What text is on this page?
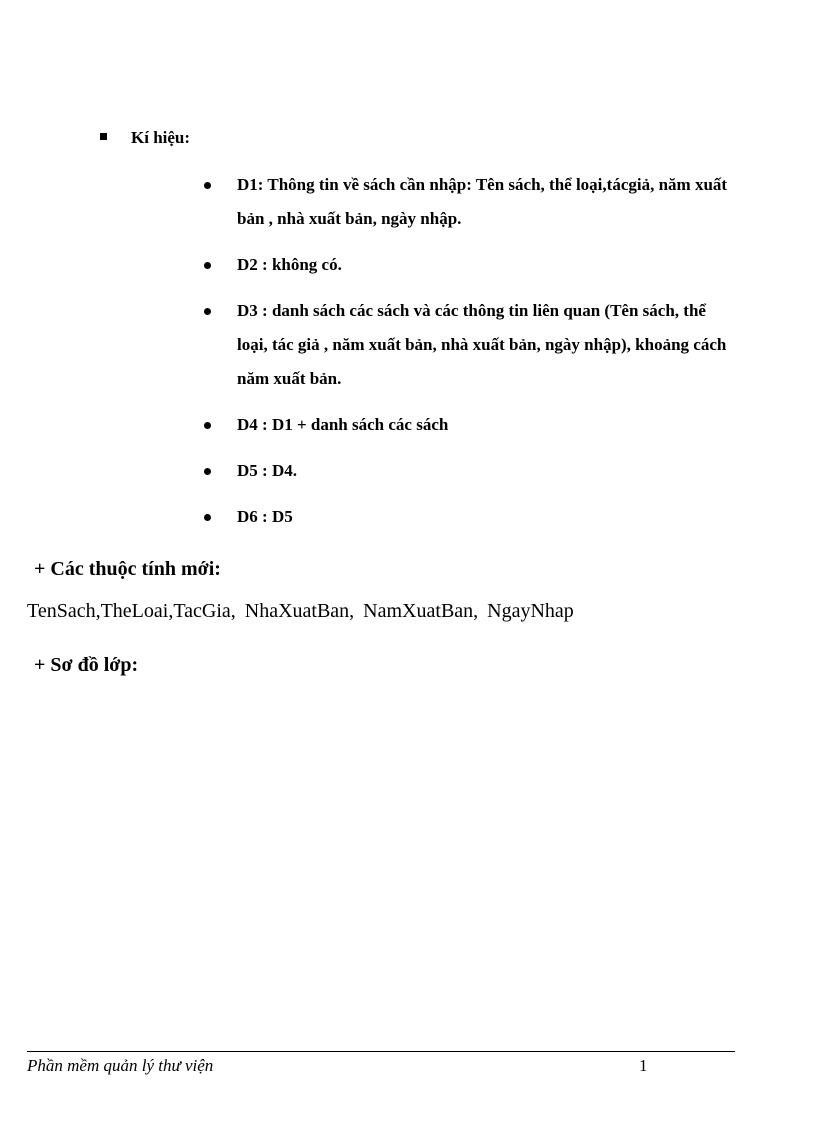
Kí hiệu:
D1: Thông tin về sách cần nhập: Tên sách, thể loại,tácgiả, năm xuất bản , nhà xuất bản, ngày nhập.
D2 : không có.
D3 : danh sách các sách và các thông tin liên quan (Tên sách, thể loại, tác giả , năm xuất bản, nhà xuất bản, ngày nhập), khoảng cách năm xuất bản.
D4 : D1 + danh sách các sách
D5 : D4.
D6 : D5
+ Các thuộc tính mới:
TenSach,TheLoai,TacGia, NhaXuatBan, NamXuatBan, NgayNhap
+ Sơ đồ lớp:
Phần mềm quản lý thư viện	1
